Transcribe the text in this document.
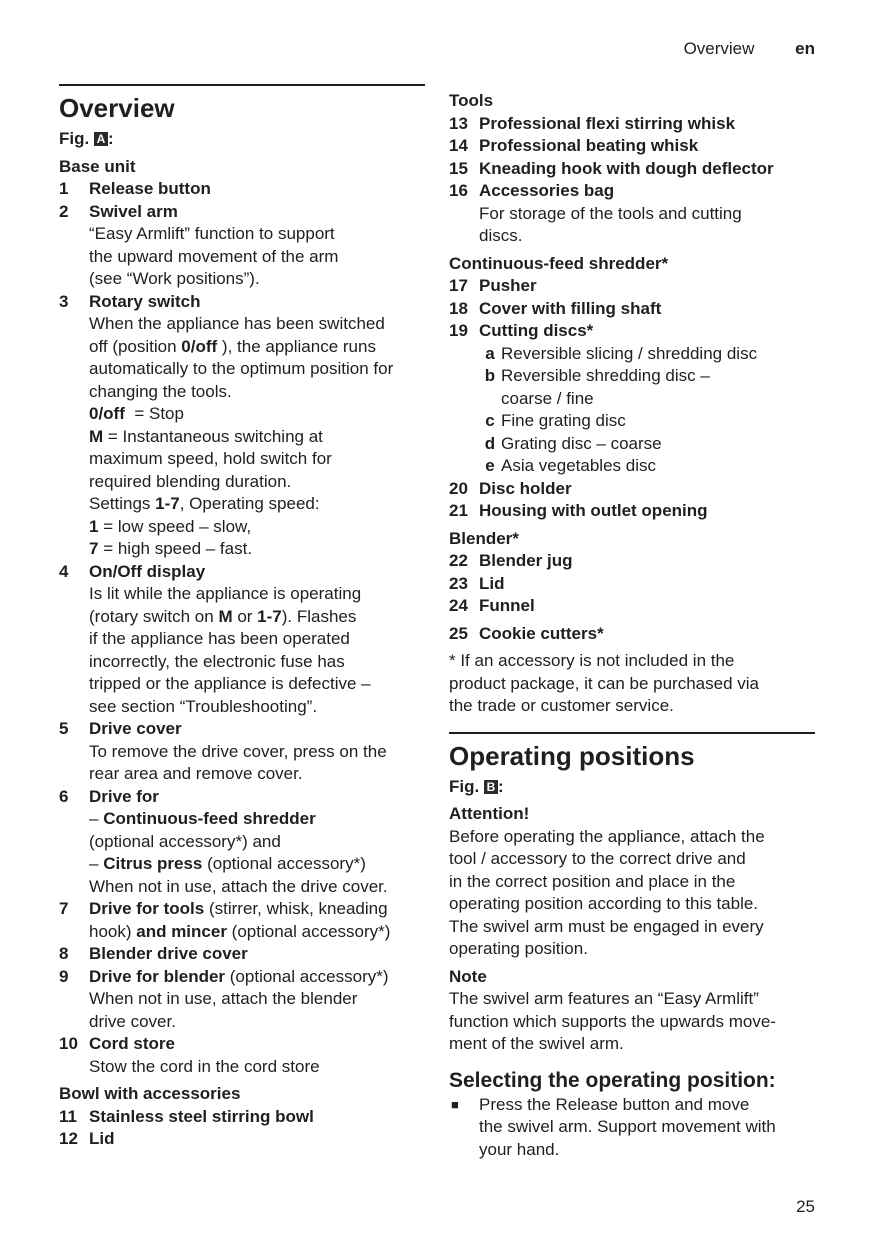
Overview en
Overview
Fig. A :
Base unit
1	Release button
2	Swivel arm
“Easy Armlift” function to support
the upward movement of the arm
(see “Work positions”).
3	Rotary switch
When the appliance has been switched
off (position 0/off ), the appliance runs
automatically to the optimum position for
changing the tools.
0/off  = Stop
M = Instantaneous switching at
maximum speed, hold switch for
required blending duration.
Settings 1-7, Operating speed:
1 = low speed – slow,
7 = high speed – fast.
4	On/Off display
Is lit while the appliance is operating
(rotary switch on M or 1-7). Flashes
if the appliance has been operated
incorrectly, the electronic fuse has
tripped or the appliance is defective –
see section “Troubleshooting”.
5	Drive cover
To remove the drive cover, press on the
rear area and remove cover.
6	Drive for
– Continuous-feed shredder
(optional accessory*) and
– Citrus press (optional accessory*)
When not in use, attach the drive cover.
7	Drive for tools (stirrer, whisk, kneading
hook) and mincer (optional accessory*)
8	Blender drive cover
9	Drive for blender (optional accessory*)
When not in use, attach the blender
drive cover.
10 Cord store
Stow the cord in the cord store
Bowl with accessories
11 Stainless steel stirring bowl
12 Lid
Tools
13 Professional flexi stirring whisk
14 Professional beating whisk
15 Kneading hook with dough deflector
16 Accessories bag
For storage of the tools and cutting
discs.
Continuous-feed shredder*
17 Pusher
18 Cover with filling shaft
19 Cutting discs*
a Reversible slicing / shredding disc
b Reversible shredding disc –
coarse / fine
c Fine grating disc
d Grating disc – coarse
e Asia vegetables disc
20 Disc holder
21 Housing with outlet opening
Blender*
22 Blender jug
23 Lid
24 Funnel
25 Cookie cutters*
* If an accessory is not included in the
product package, it can be purchased via
the trade or customer service.
Operating positions
Fig. B :
Attention!
Before operating the appliance, attach the
tool / accessory to the correct drive and
in the correct position and place in the
operating position according to this table.
The swivel arm must be engaged in every
operating position.
Note
The swivel arm features an “Easy Armlift”
function which supports the upwards move-
ment of the swivel arm.
Selecting the operating position:
■	Press the Release button and move
the swivel arm. Support movement with
your hand.
25
